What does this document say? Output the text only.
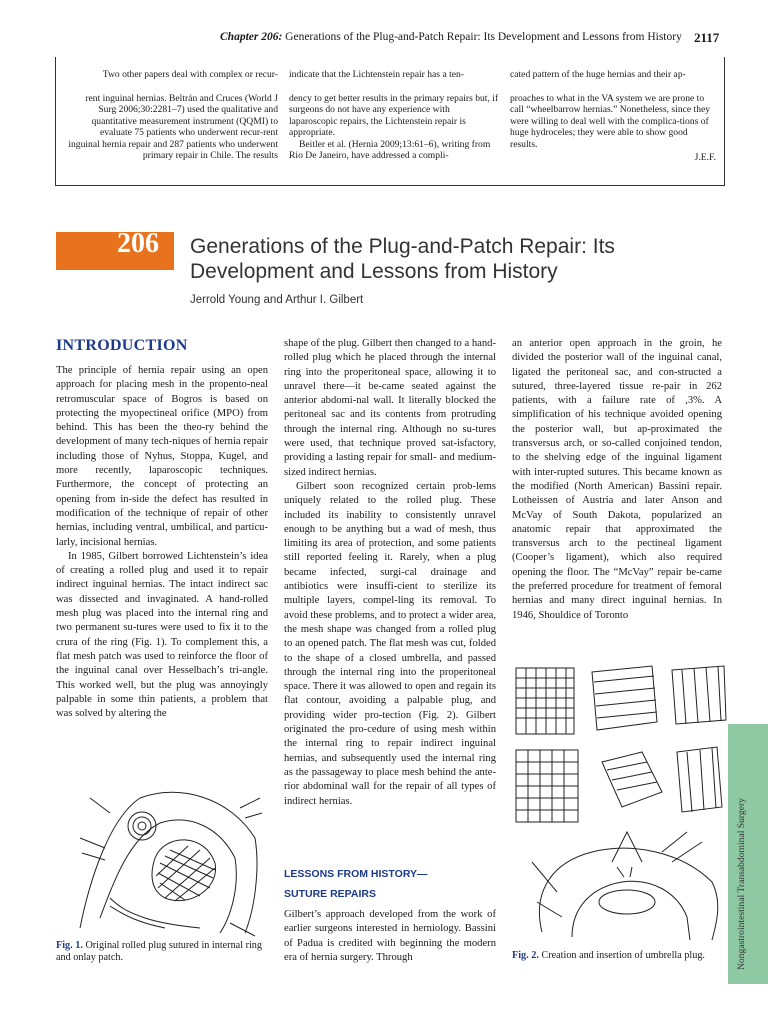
Chapter 206: Generations of the Plug-and-Patch Repair: Its Development and Lessons from History 2117

Two other papers deal with complex or recur-

rent inguinal hernias. Beltrán and Cruces (World J Surg 2006;30:2281–7) used the qualitative and quantitative measurement instrument (QQMI) to evaluate 75 patients who underwent recur-rent inguinal hernia repair and 287 patients who underwent primary repair in Chile. The results

indicate that the Lichtenstein repair has a ten-

dency to get better results in the primary repairs but, if surgeons do not have any experience with laparoscopic repairs, the Lichtenstein repair is appropriate.

Beitler et al. (Hernia 2009;13:61–6), writing from Rio De Janeiro, have addressed a compli-

cated pattern of the huge hernias and their ap-

proaches to what in the VA system we are prone to call “wheelbarrow hernias.” Nonetheless, since they were willing to deal well with the complica-tions of huge hydroceles; they were able to show good results.

J.E.F.

206	Generations of the Plug-and-Patch Repair: Its Development and Lessons from History
Jerrold Young and Arthur I. Gilbert
INTRODUCTION

The principle of hernia repair using an open approach for placing mesh in the propento-neal retromuscular space of Bogros is based on protecting the myopectineal orifice (MPO) from behind. This has been the theo-ry behind the development of many tech-niques of hernia repair including those of Nyhus, Stoppa, Kugel, and more recently, laparoscopic techniques. Furthermore, the concept of protecting an opening from in-side the defect has resulted in modification of the technique of repair of other hernias, including ventral, umbilical, and particu-larly, incisional hernias.

In 1985, Gilbert borrowed Lichtenstein’s idea of creating a rolled plug and used it to repair indirect inguinal hernias. The intact indirect sac was dissected and invaginated. A hand-rolled mesh plug was placed into the internal ring and two permanent su-tures were used to fix it to the crura of the ring (Fig. 1). To complement this, a flat mesh patch was used to reinforce the floor of the inguinal canal over Hesselbach’s tri-angle. This worked well, but the plug was annoyingly palpable in some thin patients, a problem that was solved by altering the

shape of the plug. Gilbert then changed to a hand-rolled plug which he placed through the internal ring into the properitoneal space, allowing it to unravel there—it be-came seated against the anterior abdomi-nal wall. It literally blocked the peritoneal sac and its contents from protruding through the internal ring. Although no su-tures were used, that technique proved sat-isfactory, providing a lasting repair for small- and medium-sized indirect hernias.

Gilbert soon recognized certain prob-lems uniquely related to the rolled plug. These included its inability to consistently unravel enough to be anything but a wad of mesh, thus limiting its area of protection, and some patients still reported feeling it. Rarely, when a plug became infected, surgi-cal drainage and antibiotics were insuffi-cient to sterilize its multiple layers, compel-ling its removal. To avoid these problems, and to protect a wider area, the mesh shape was changed from a rolled plug to an opened patch. The flat mesh was cut, folded to the shape of a closed umbrella, and passed through the internal ring into the properitoneal space. There it was allowed to open and regain its flat contour, avoiding a palpable plug, and providing wider pro-tection (Fig. 2). Gilbert originated the pro-cedure of using mesh within the internal ring to repair indirect inguinal hernias, and subsequently used the internal ring as the passageway to place mesh behind the ante-rior abdominal wall for the repair of all types of indirect hernias.

LESSONS FROM HISTORY—
SUTURE REPAIRS

Gilbert’s approach developed from the work of earlier surgeons interested in herniology. Bassini of Padua is credited with beginning the modern era of hernia surgery. Through

an anterior open approach in the groin, he divided the posterior wall of the inguinal canal, ligated the peritoneal sac, and con-structed a sutured, three-layered tissue re-pair in 262 patients, with a failure rate of ,3%. A simplification of his technique avoided opening the posterior wall, but ap-proximated the transversus arch, or so-called conjoined tendon, to the shelving edge of the inguinal ligament with inter-rupted sutures. This became known as the modified (North American) Bassini repair. Lotheissen of Austria and later Anson and McVay of South Dakota, popularized an anatomic repair that approximated the transversus arch to the pectineal ligament (Cooper’s ligament), which also required opening the floor. The “McVay” repair be-came the preferred procedure for treatment of femoral hernias and many direct inguinal hernias. In 1946, Shouldice of Toronto

Fig. 1. Original rolled plug sutured in internal ring and onlay patch.	Fig. 2. Creation and insertion of umbrella plug.	Nongastrointestinal Transabdominal Surgery
